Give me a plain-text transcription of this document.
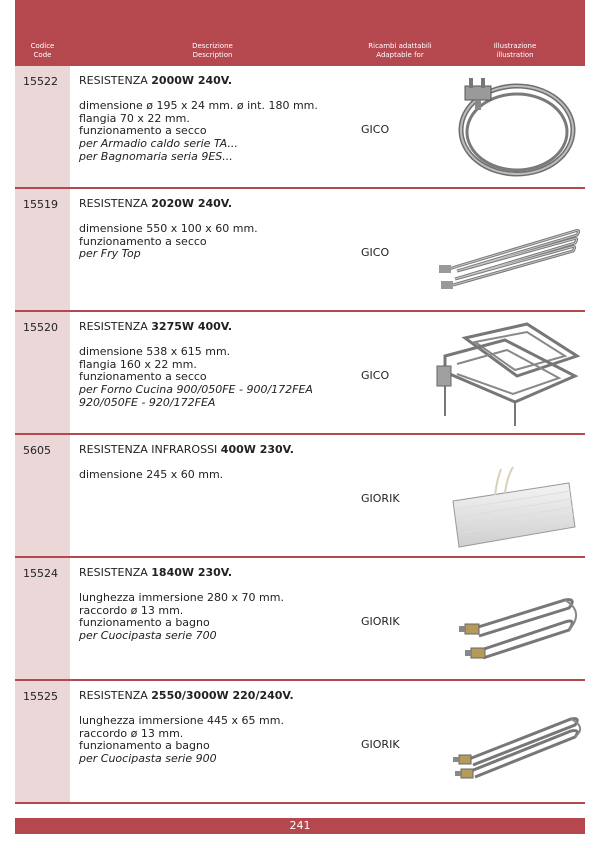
Codice
Code
Descrizione
Description
Ricambi adattabili
Adaptable for
Illustrazione
illustration
15522 RESISTENZA 2000W 240V.
dimensione ø 195 x 24 mm. ø int. 180 mm.
flangia 70 x 22 mm.
funzionamento a secco
per Armadio caldo serie TA...
per Bagnomaria seria 9ES...
GICO
15519 RESISTENZA 2020W 240V.
dimensione 550 x 100 x 60 mm.
funzionamento a secco
per Fry Top	GICO
15520 RESISTENZA 3275W 400V.
dimensione 538 x 615 mm.
flangia 160 x 22 mm.
funzionamento a secco
per Forno Cucina 900/050FE - 900/172FEA
920/050FE - 920/172FEA
GICO
5605	RESISTENZA INFRAROSSI 400W 230V.
dimensione 245 x 60 mm.
GIORIK
15524 RESISTENZA 1840W 230V.
lunghezza immersione 280 x 70 mm.
raccordo ø 13 mm.
funzionamento a bagno
per Cuocipasta serie 700
GIORIK
15525 RESISTENZA 2550/3000W 220/240V.
lunghezza immersione 445 x 65 mm.
raccordo ø 13 mm.
funzionamento a bagno
per Cuocipasta serie 900
GIORIK
241
